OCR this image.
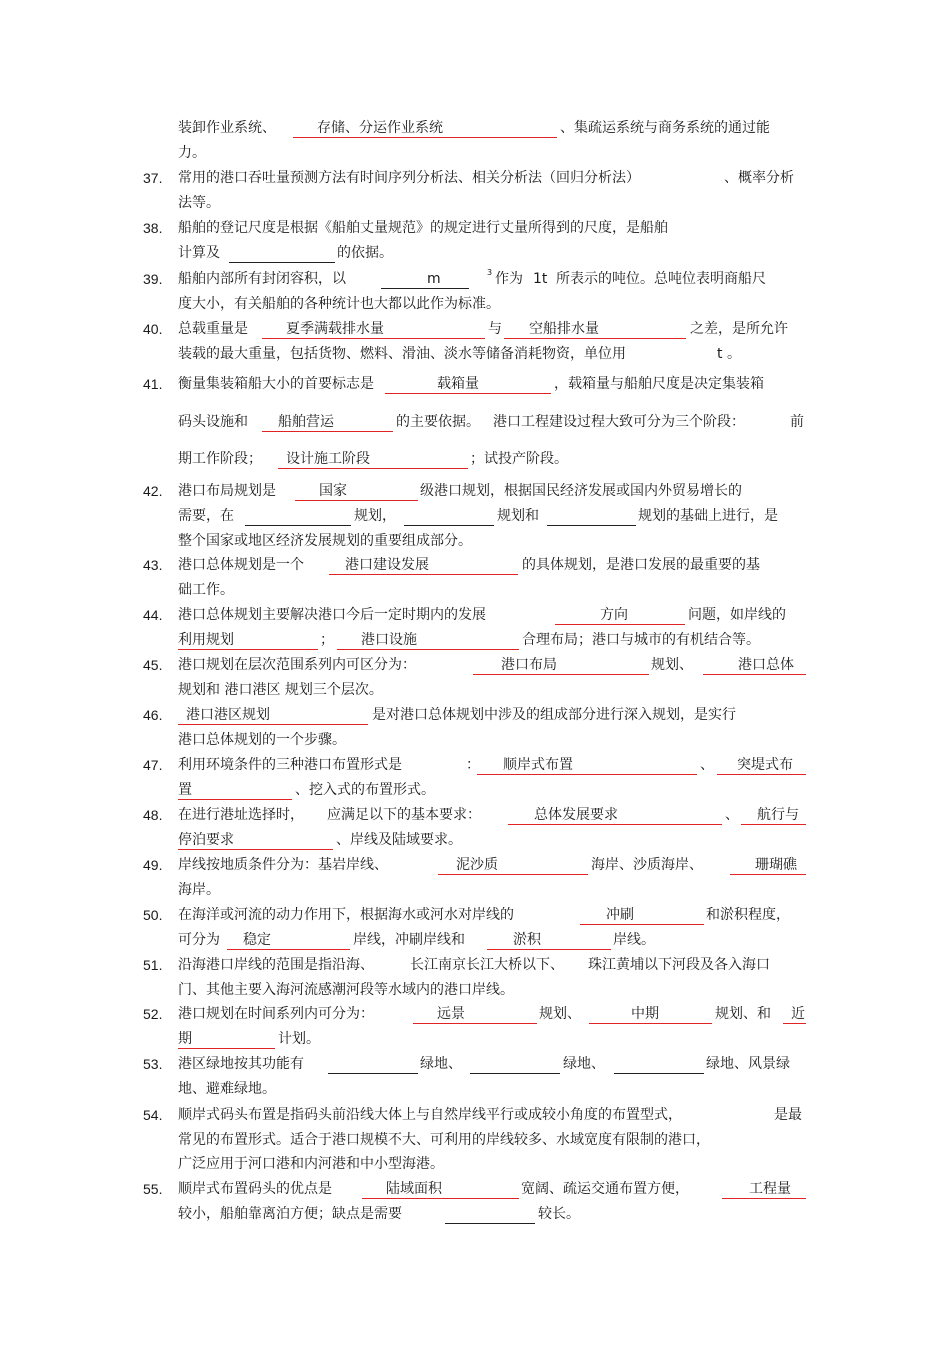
装卸作业系统、	存储、分运作业系统	、集疏运系统与商务系统的通过能
力。
37. 常用的港口吞吐量预测方法有时间序列分析法、相关分析法（回归分析法）	、概率分析
法等。
38. 船舶的登记尺度是根据《船舶丈量规范》的规定进行丈量所得到的尺度，是船舶
计算及	的依据。
39. 船舶内部所有封闭容积，以	m	3 作为 1t 所表示的吨位。总吨位表明商船尺
度大小，有关船舶的各种统计也大都以此作为标准。
40. 总载重量是	夏季满载排水量	与 空船排水量	之差，是所允许
装载的最大重量，包括货物、燃料、滑油、淡水等储备消耗物资，单位用	t 。
41. 衡量集装箱船大小的首要标志是	载箱量	，载箱量与船舶尺度是决定集装箱
码头设施和 船舶营运	的主要依据。 港口工程建设过程大致可分为三个阶段：	前
期工作阶段； 设计施工阶段	；试投产阶段。
42. 港口布局规划是	国家	级港口规划，根据国民经济发展或国内外贸易增长的
需要，在	规划，	规划和	规划的基础上进行，是
整个国家或地区经济发展规划的重要组成部分。
43. 港口总体规划是一个	港口建设发展	的具体规划，是港口发展的最重要的基
础工作。
44. 港口总体规划主要解决港口今后一定时期内的发展	方向	问题，如岸线的
利用规划	； 港口设施	合理布局；港口与城市的有机结合等。
45. 港口规划在层次范围系列内可区分为：	港口布局	规划、	港口总体
规划和 港口港区 规划三个层次。
46. 港口港区规划	是对港口总体规划中涉及的组成部分进行深入规划，是实行
港口总体规划的一个步骤。
47. 利用环境条件的三种港口布置形式是	： 顺岸式布置	、 突堤式布
置	、挖入式的布置形式。
48. 在进行港址选择时， 应满足以下的基本要求：	总体发展要求	、 航行与
停泊要求	、岸线及陆域要求。
49. 岸线按地质条件分为：基岩岸线、	泥沙质	海岸、沙质海岸、	珊瑚礁
海岸。
50. 在海洋或河流的动力作用下，根据海水或河水对岸线的	冲刷	和淤积程度，
可分为 稳定	岸线，冲刷岸线和	淤积	岸线。
51. 沿海港口岸线的范围是指沿海、	长江南京长江大桥以下、 珠江黄埔以下河段及各入海口
门、其他主要入海河流感潮河段等水域内的港口岸线。
52. 港口规划在时间系列内可分为：	远景	规划、	中期	规划、和 近
期	计划。
53. 港区绿地按其功能有	绿地、	绿地、	绿地、风景绿
地、避难绿地。
54. 顺岸式码头布置是指码头前沿线大体上与自然岸线平行或成较小角度的布置型式，	是最
常见的布置形式。适合于港口规模不大、可利用的岸线较多、水域宽度有限制的港口，
广泛应用于河口港和内河港和中小型海港。
55. 顺岸式布置码头的优点是	陆域面积	宽阔、疏运交通布置方便，	工程量
较小，船舶靠离泊方便；缺点是需要	较长。
